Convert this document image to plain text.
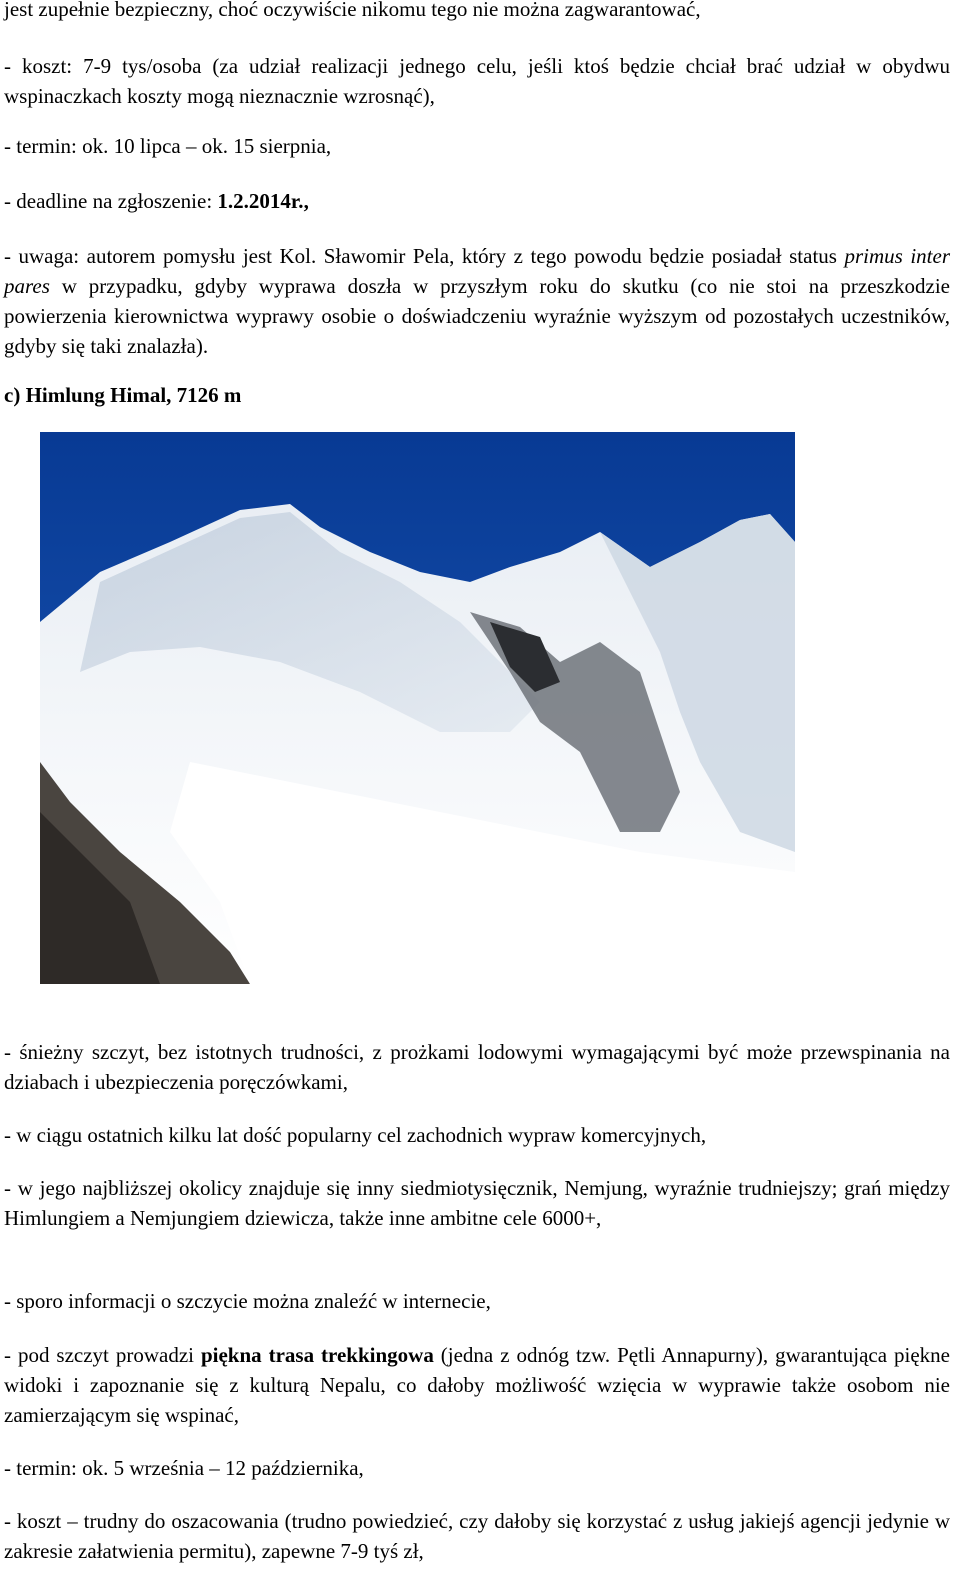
jest zupełnie bezpieczny, choć oczywiście nikomu tego nie można zagwarantować,

- koszt: 7-9 tys/osoba (za udział realizacji jednego celu, jeśli ktoś będzie chciał brać udział w obydwu wspinaczkach koszty mogą nieznacznie wzrosnąć),

- termin: ok. 10 lipca – ok. 15 sierpnia,

- deadline na zgłoszenie: 1.2.2014r.,

- uwaga: autorem pomysłu jest Kol. Sławomir Pela, który z tego powodu będzie posiadał status primus inter pares w przypadku, gdyby wyprawa doszła w przyszłym roku do skutku (co nie stoi na przeszkodzie powierzenia kierownictwa wyprawy osobie o doświadczeniu wyraźnie wyższym od pozostałych uczestników, gdyby się taki znalazła).

c) Himlung Himal, 7126 m

- śnieżny szczyt, bez istotnych trudności, z prożkami lodowymi wymagającymi być może przewspinania na dziabach i ubezpieczenia poręczówkami,

- w ciągu ostatnich kilku lat dość popularny cel zachodnich wypraw komercyjnych,

- w jego najbliższej okolicy znajduje się inny siedmiotysięcznik, Nemjung, wyraźnie trudniejszy; grań między Himlungiem a Nemjungiem dziewicza, także inne ambitne cele 6000+,

- sporo informacji o szczycie można znaleźć w internecie,

- pod szczyt prowadzi piękna trasa trekkingowa (jedna z odnóg tzw. Pętli Annapurny), gwarantująca piękne widoki i zapoznanie się z kulturą Nepalu, co dałoby możliwość wzięcia w wyprawie także osobom nie zamierzającym się wspinać,

- termin: ok. 5 września – 12 października,

- koszt – trudny do oszacowania (trudno powiedzieć, czy dałoby się korzystać z usług jakiejś agencji jedynie w zakresie załatwienia permitu), zapewne 7-9 tyś zł,
